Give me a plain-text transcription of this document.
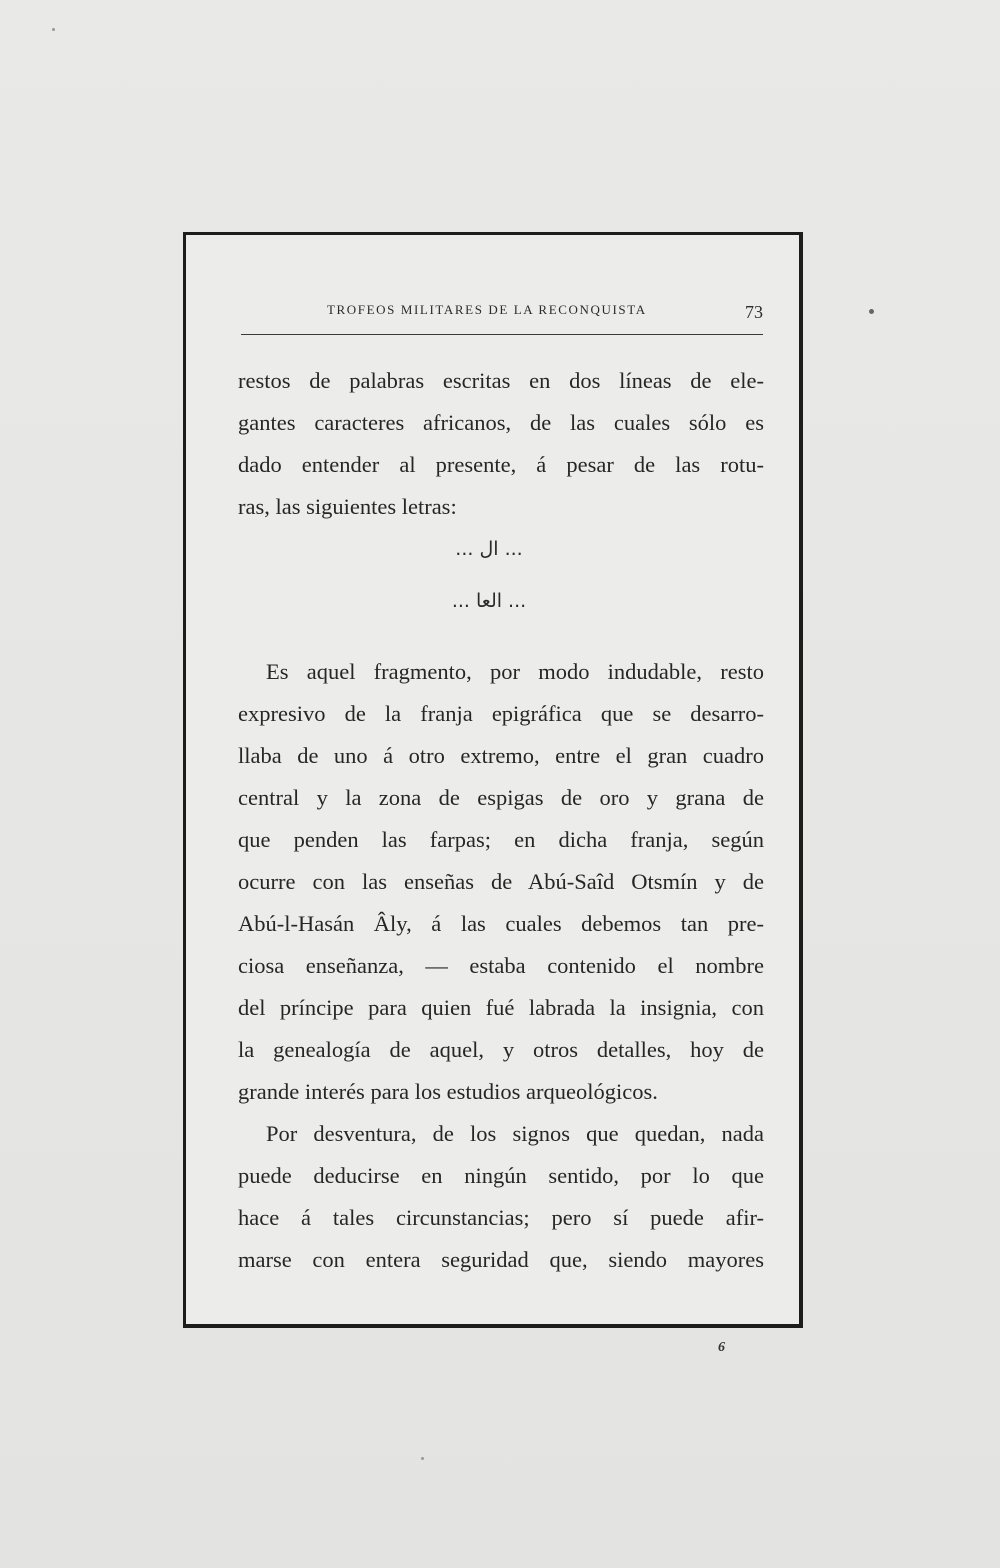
TROFEOS MILITARES DE LA RECONQUISTA	73
restos de palabras escritas en dos líneas de ele-
gantes caracteres africanos, de las cuales sólo es
dado entender al presente, á pesar de las rotu-
ras, las siguientes letras:
... ال ...
... العا ...
Es aquel fragmento, por modo indudable, resto
expresivo de la franja epigráfica que se desarro-
llaba de uno á otro extremo, entre el gran cuadro
central y la zona de espigas de oro y grana de
que penden las farpas; en dicha franja, según
ocurre con las enseñas de Abú-Saîd Otsmín y de
Abú-l-Hasán Âly, á las cuales debemos tan pre-
ciosa enseñanza, — estaba contenido el nombre
del príncipe para quien fué labrada la insignia, con
la genealogía de aquel, y otros detalles, hoy de
grande interés para los estudios arqueológicos.
Por desventura, de los signos que quedan, nada
puede deducirse en ningún sentido, por lo que
hace á tales circunstancias; pero sí puede afir-
marse con entera seguridad que, siendo mayores
6
